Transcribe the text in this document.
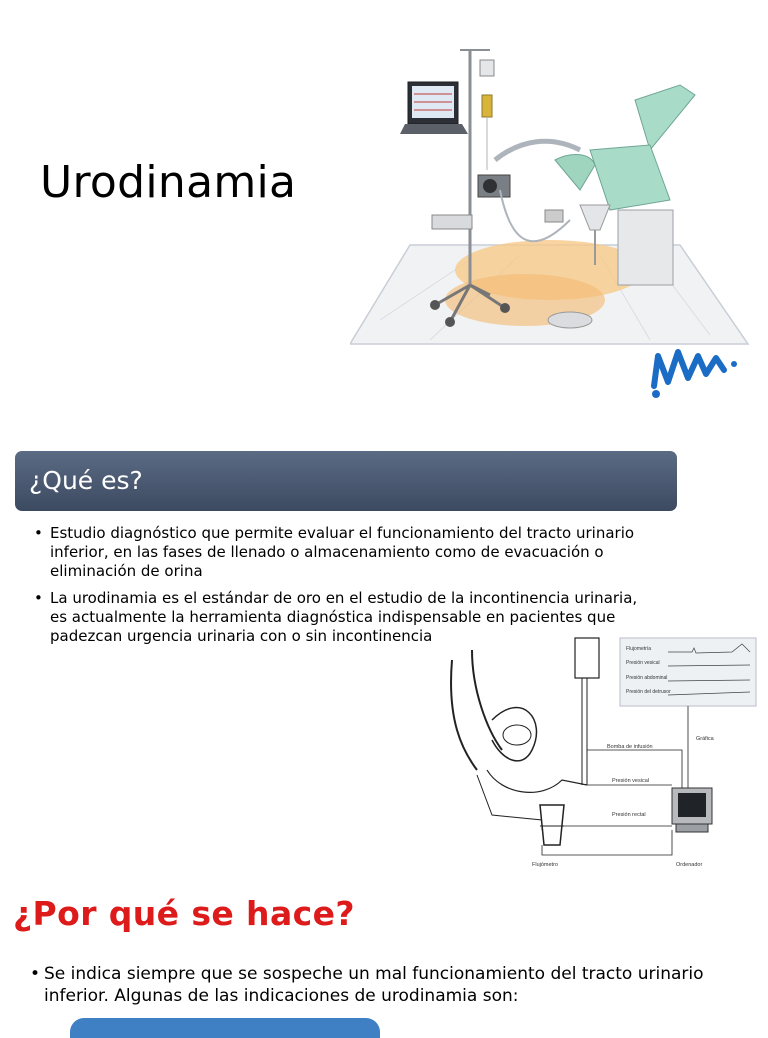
Urodinamia
¿Qué es?
• Estudio diagnóstico que permite evaluar el funcionamiento del tracto urinario inferior, en las fases de llenado o almacenamiento como de evacuación o eliminación de orina
• La urodinamia es el estándar de oro en el estudio de la incontinencia urinaria, es actualmente la herramienta diagnóstica indispensable en pacientes que padezcan urgencia urinaria con o sin incontinencia
Flujometría
Presión vesical
Presión abdominal
Presión del detrusor
Gráfica
Bomba de infusión
Presión vesical
Presión rectal
Flujómetro	Ordenador
¿Por qué se hace?
• Se indica siempre que se sospeche un mal funcionamiento del tracto urinario inferior. Algunas de las indicaciones de urodinamia son:
